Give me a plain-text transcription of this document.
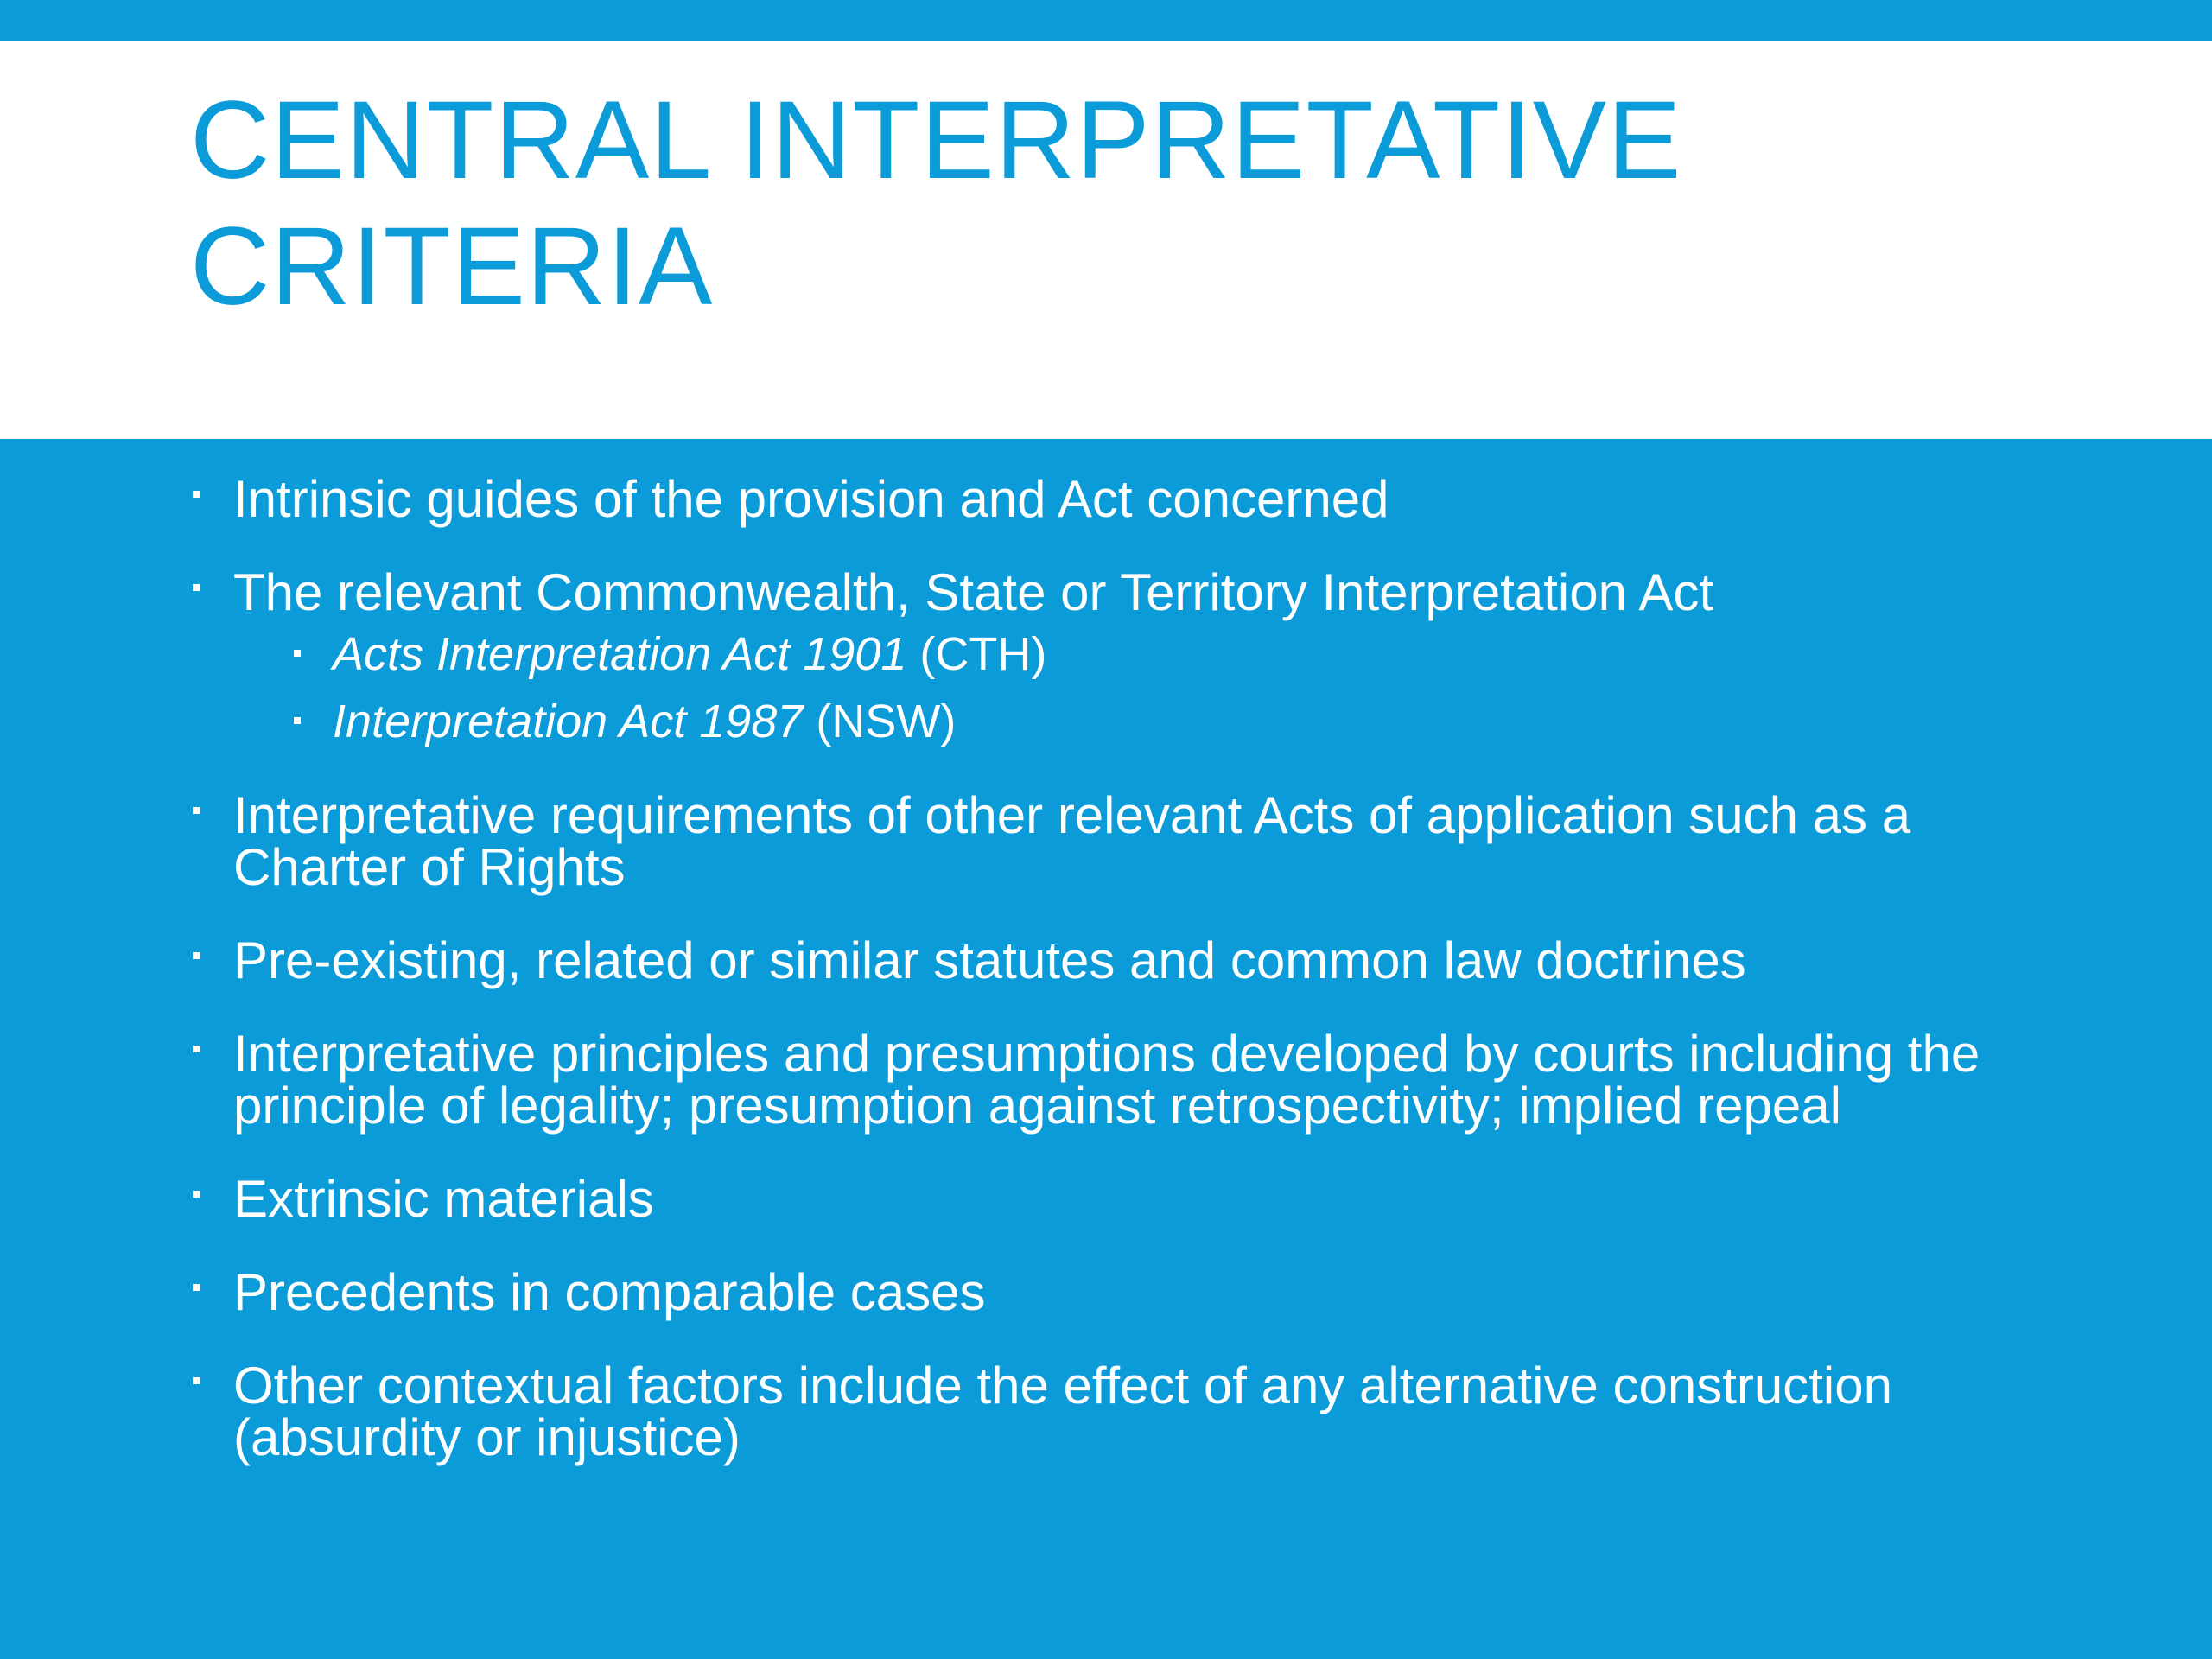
CENTRAL INTERPRETATIVE CRITERIA
Intrinsic guides of the provision and Act concerned
The relevant Commonwealth, State or Territory Interpretation Act
Acts Interpretation Act 1901 (CTH)
Interpretation Act 1987 (NSW)
Interpretative requirements of other relevant Acts of application such as a Charter of Rights
Pre-existing, related or similar statutes and common law doctrines
Interpretative principles and presumptions developed by courts including the principle of legality; presumption against retrospectivity; implied repeal
Extrinsic materials
Precedents in comparable cases
Other contextual factors include the effect of any alternative construction (absurdity or injustice)
